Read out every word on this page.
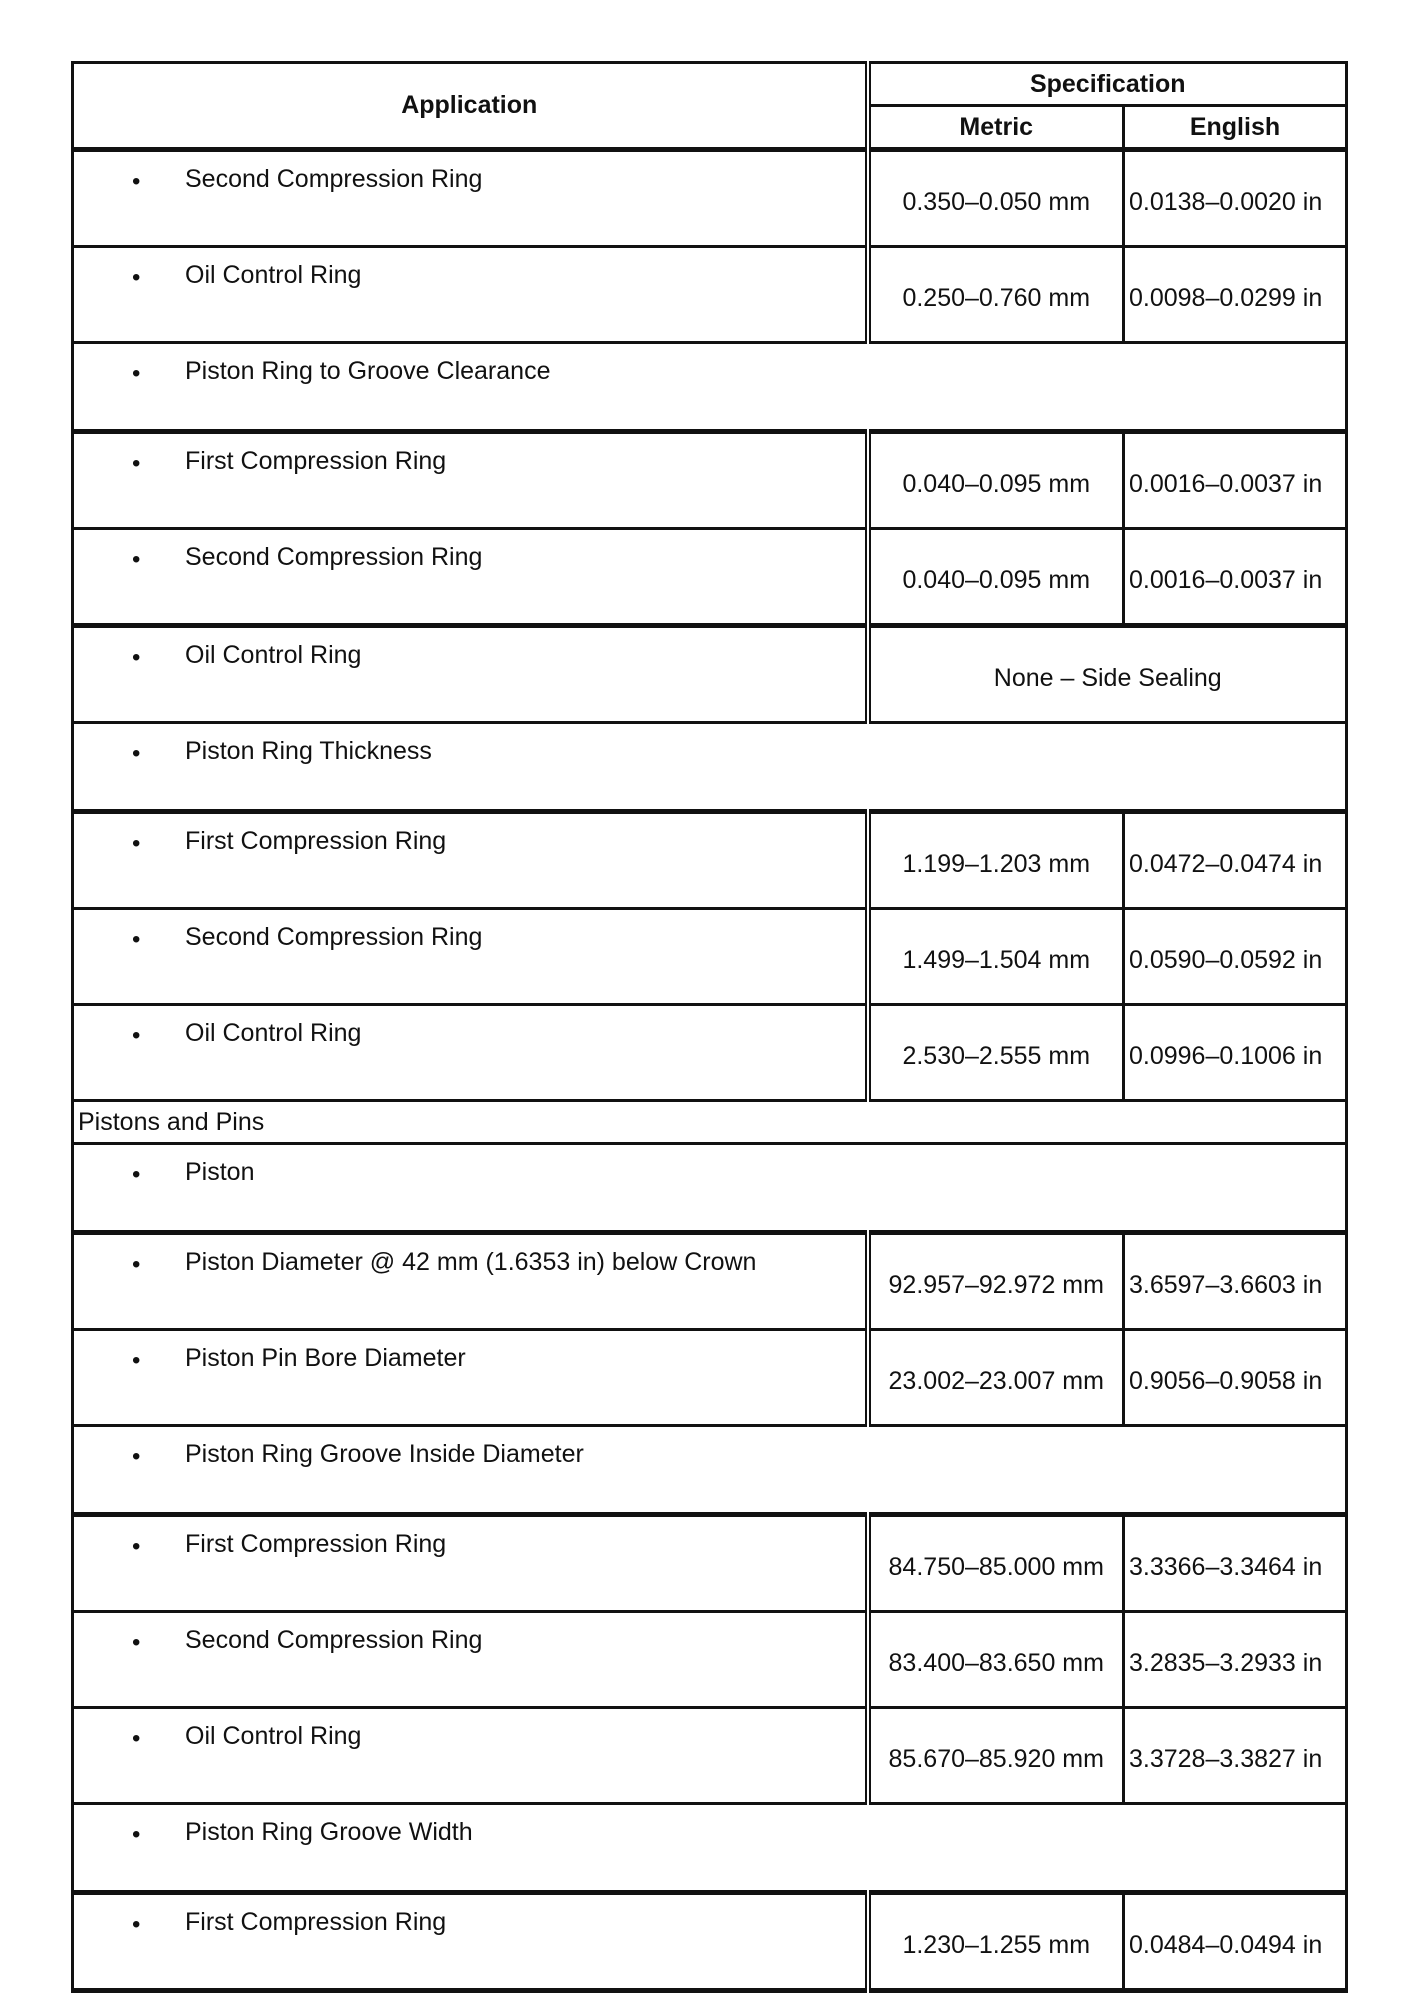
Application	Specification	
	Metric	English

• Second Compression Ring	0.350–0.050 mm	0.0138–0.0020 in

• Oil Control Ring	0.250–0.760 mm	0.0098–0.0299 in

• Piston Ring to Groove Clearance		

• First Compression Ring	0.040–0.095 mm	0.0016–0.0037 in

• Second Compression Ring	0.040–0.095 mm	0.0016–0.0037 in

• Oil Control Ring	None – Side Sealing	

• Piston Ring Thickness		

• First Compression Ring	1.199–1.203 mm	0.0472–0.0474 in

• Second Compression Ring	1.499–1.504 mm	0.0590–0.0592 in

• Oil Control Ring	2.530–2.555 mm	0.0996–0.1006 in
Pistons and Pins		

• Piston		

• Piston Diameter @ 42 mm (1.6353 in) below Crown	92.957–92.972 mm	3.6597–3.6603 in

• Piston Pin Bore Diameter	23.002–23.007 mm	0.9056–0.9058 in

• Piston Ring Groove Inside Diameter		

• First Compression Ring	84.750–85.000 mm	3.3366–3.3464 in

• Second Compression Ring	83.400–83.650 mm	3.2835–3.2933 in

• Oil Control Ring	85.670–85.920 mm	3.3728–3.3827 in

• Piston Ring Groove Width		

• First Compression Ring	1.230–1.255 mm	0.0484–0.0494 in
